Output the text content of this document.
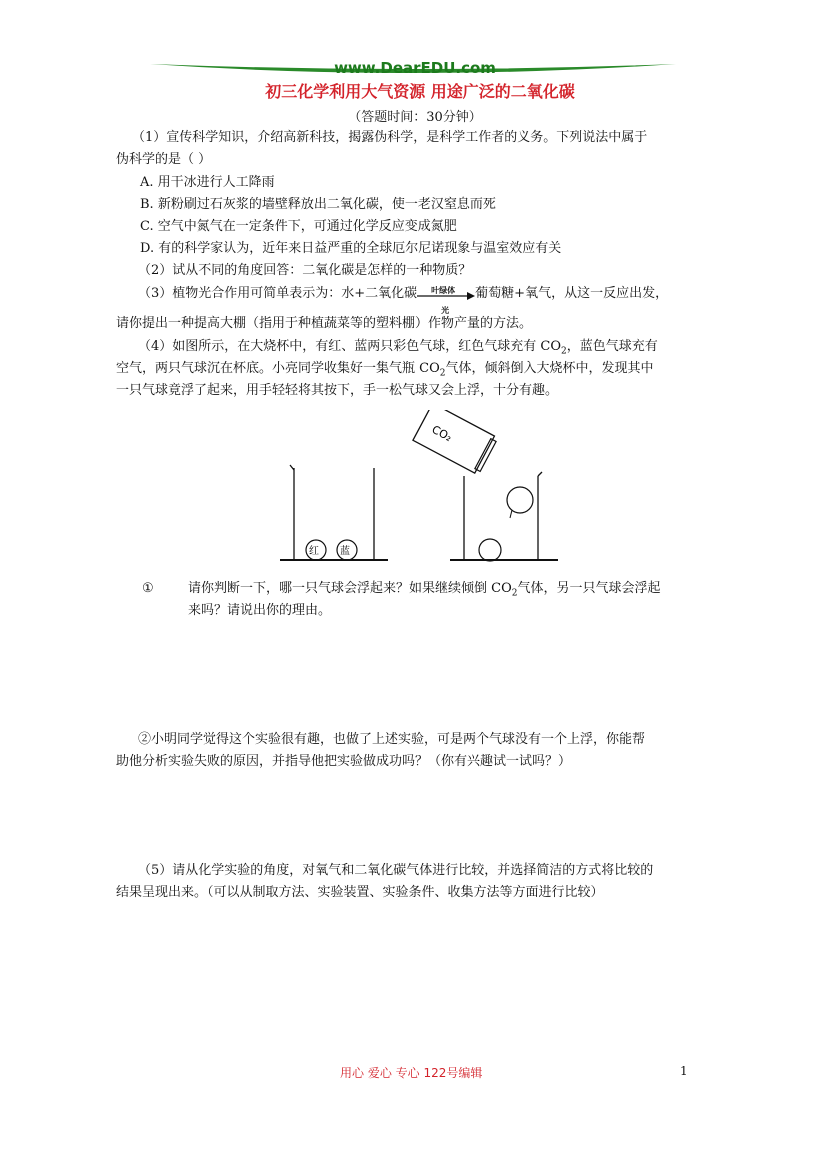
www.DearEDU.com
初三化学利用大气资源 用途广泛的二氧化碳
（答题时间：30分钟）
（1）宣传科学知识，介绍高新科技，揭露伪科学，是科学工作者的义务。下列说法中属于
伪科学的是（ ）
A. 用干冰进行人工降雨
B. 新粉刷过石灰浆的墙壁释放出二氧化碳，使一老汉窒息而死
C. 空气中氮气在一定条件下，可通过化学反应变成氮肥
D. 有的科学家认为，近年来日益严重的全球厄尔尼诺现象与温室效应有关
（2）试从不同的角度回答：二氧化碳是怎样的一种物质？
（3）植物光合作用可简单表示为：水+二氧化碳 叶绿体
光
葡萄糖+氧气，从这一反应出发，
请你提出一种提高大棚（指用于种植蔬菜等的塑料棚）作物产量的方法。
（4）如图所示，在大烧杯中，有红、蓝两只彩色气球，红色气球充有 $CO_2$，蓝色气球充有
空气，两只气球沉在杯底。小亮同学收集好一集气瓶 $CO_2$气体，倾斜倒入大烧杯中，发现其中
一只气球竟浮了起来，用手轻轻将其按下，手一松气球又会上浮，十分有趣。
红 蓝
CO₂
①	请你判断一下，哪一只气球会浮起来？如果继续倾倒 $CO_2$气体，另一只气球会浮起
来吗？请说出你的理由。
②小明同学觉得这个实验很有趣，也做了上述实验，可是两个气球没有一个上浮，你能帮
助他分析实验失败的原因，并指导他把实验做成功吗？（你有兴趣试一试吗？）
（5）请从化学实验的角度，对氧气和二氧化碳气体进行比较，并选择简洁的方式将比较的
结果呈现出来。（可以从制取方法、实验装置、实验条件、收集方法等方面进行比较）
用心 爱心 专心 122号编辑	1
